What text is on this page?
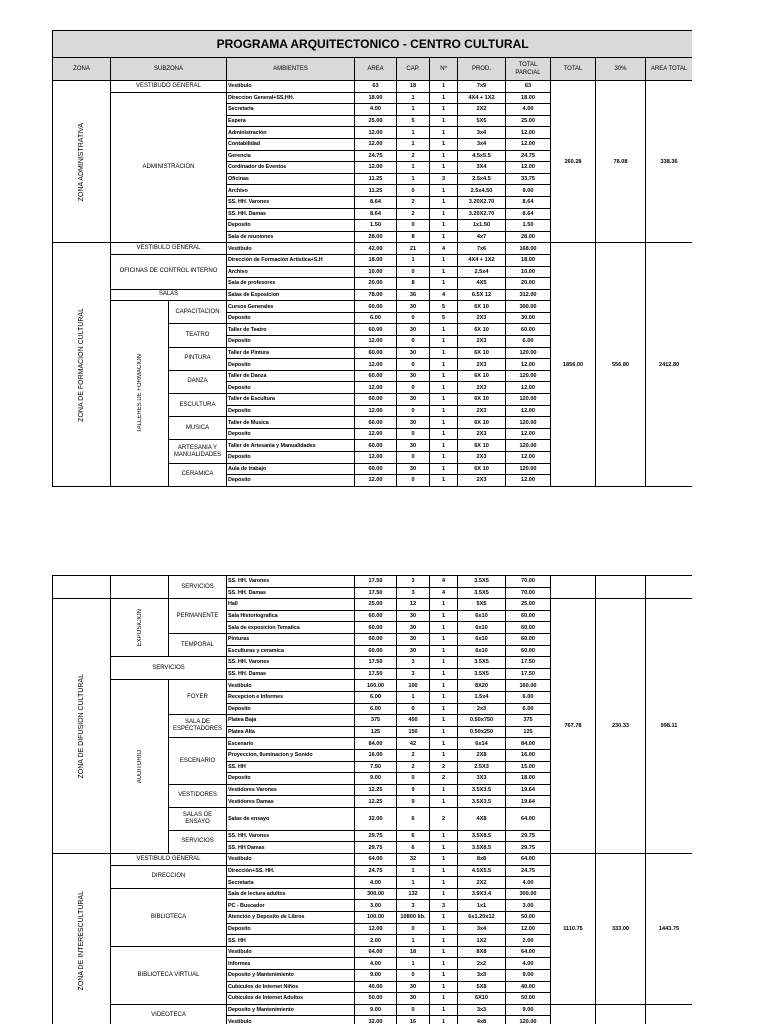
PROGRAMA ARQUITECTONICO - CENTRO CULTURAL											
ZONA	SUBZONA		AMBIENTES	AREA	CAP.	Nº	PROD.	TOTAL PARCIAL	TOTAL	30%	AREA TOTAL

ZONA ADMINISTRATIVA	VESTIBUDO GENERAL		Vestibulo	63	18	1	7x9	63	260.28	78.08	338.36
	ADMINISTRACION		Direccion General+SS.HH.	18.00	1	1	4X4 + 1X2	18.00			
			Secretaria	4.00	1	1	2X2	4.00			
			Espera	25.00	5	1	5X5	25.00			
			Administración	12.00	1	1	3x4	12.00			
			Contabilidad	12.00	1	1	3x4	12.00			
			Gerencia	24.75	2	1	4.5x5.5	24.75			
			Cordinador de Eventos	12.00	1	1	3X4	12.00			
			Oficinas	11.25	1	3	2.5x4.5	33.75			
			Archivo	11.25	0	1	2.5x4.50	9.00			
			SS. HH. Varones	8.64	2	1	3.20X2.70	8.64			
			SS. HH. Damas	8.64	2	1	3.20X2.70	8.64			
			Deposito	1.50	0	1	1x1.50	1.50			
			Sala de reuniones	28.00	8	1	4x7	28.00			

ZONA DE FORMACION CULTURAL	VESTIBULO GENERAL		Vestibulo	42.00	21	4	7x6	168.00	1856.00	556.80	2412.80
	OFICINAS DE CONTROL INTERNO		Dirección de Formación Artística+S.H	18.00	1	1	4X4 + 1X2	18.00			
			Archivo	10.00	0	1	2.5x4	10.00			
			Sala de profesores	20.00	8	1	4X5	20.00			
	SALAS		Salas de Exposicion	78.00	36	4	6.5X 12	312.00			

	TALLERES DE FORMACION	CAPACITACION	Cursos Generales	60.00	30	5	6X 10	300.00			
			Deposito	6.00	0	5	2X3	30.00			
		TEATRO	Taller de Teatro	60.00	30	1	6X 10	60.00			
			Deposito	12.00	0	1	2X3	6.00			
		PINTURA	Taller de Pintura	60.00	30	1	6X 10	120.00			
			Deposito	12.00	0	1	2X3	12.00			
		DANZA	Taller de Danza	60.00	30	1	6X 10	120.00			
			Deposito	12.00	0	1	2X3	12.00			
		ESCULTURA	Taller de Escultura	60.00	30	1	6X 10	120.00			
			Deposito	12.00	0	1	2X3	12.00			
		MUSICA	Taller de Musica	60.00	30	1	6X 10	120.00			
			Deposito	12.00	0	1	2X3	12.00			
		ARTESANIA Y MANUALIDADES	Taller de Artesania y Manualidades	60.00	30	1	6X 10	120.00			
			Deposito	12.00	0	1	2X3	12.00			
		CERAMICA	Aula de trabajo	60.00	30	1	6X 10	120.00			
			Deposito	12.00	0	1	2X3	12.00			
		SERVICIOS	SS. HH. Varones	17.50	3	4	3.5X5	70.00			
			SS. HH. Damas	17.50	3	4	3.5X5	70.00			

ZONA DE DIFUSION CULTURAL	EXPOSICION	PERMANENTE	Hall	25.00	12	1	5X5	25.00	767.78	230.33	998.11
			Sala Historiografica	60.00	30	1	6x10	60.00			
			Sala de exposicion Tematica	60.00	30	1	6x10	60.00			
		TEMPORAL	Pinturas	60.00	30	1	6x10	60.00			
			Esculturas y ceramica	60.00	30	1	6x10	60.00			
	SERVICIOS		SS. HH. Varones	17.50	3	1	3.5X5	17.50			
			SS. HH. Damas	17.50	3	1	3.5X5	17.50			

	AUDITORIO	FOYER	Vestibulo	160.00	100	1	8X20	160.00			
			Recepcion e Informes	6.00	1	1	1.5x4	6.00			
			Deposito	6.00	0	1	2x3	6.00			
		SALA DE ESPECTADORES	Platea Baja	375	450	1	0.50x750	375			
			Platea Alta	125	150	1	0.50x250	125			
		ESCENARIO	Escenario	84.00	42	1	6x14	84.00			
			Proyeccion, Iluminacion y Sonido	16.00	2	1	2X8	16.00			
			SS. HH	7.50	2	2	2.5X3	15.00			
			Deposito	9.00	0	2	3X3	18.00			
		VESTIDORES	Vestidores Varones	12.25	9	1	3.5X3.5	19.64			
			Vestidores Damas	12.25	9	1	3.5X3.5	19.64			
		SALAS DE ENSAYO	Salas de ensayo	32.00	6	2	4X8	64.00			
		SERVICIOS	SS. HH. Varones	29.75	6	1	3.5X8.5	29.75			
			SS. HH Damas	29.75	6	1	3.5X8.5	29.75			

ZONA DE INTERESCULTURAL	VESTIBULO GENERAL		Vestibulo	64.00	32	1	8x8	64.00	1110.75	333.00	1443.75
	DIRECCION		Dirección+SS. HH.	24.75	1	1	4.5X5.5	24.75			
			Secretaria	4.00	1	1	2X2	4.00			
	BIBLIOTECA		Sala de lectura adultos	300.00	132	1	3.9X3.4	300.00			
			PC - Buscador	3.00	3	3	1x1	3.00			
			Atención y Deposito de Libros	100.00	10800 lib.	1	6x1.20x12	50.00			
			Deposito	12.00	0	1	3x4	12.00			
			SS. HH	2.00	1	1	1X2	2.00			
	BIBLIOTECA VIRTUAL		Vestibulo	64.00	18	1	8X8	64.00			
			Informes	4.00	1	1	2x2	4.00			
			Deposito y Mantenimiento	9.00	0	1	3x3	9.00			
			Cubiculos de Internet Niños	40.00	30	1	5X8	40.00			
			Cubiculos de Internet Adultos	50.00	30	1	6X10	50.00			
	VIDEOTECA		Deposito y Mantenimiento	9.00	0	1	3x3	9.00			
			Vestibulo	32.00	16	1	4x8	120.00			
